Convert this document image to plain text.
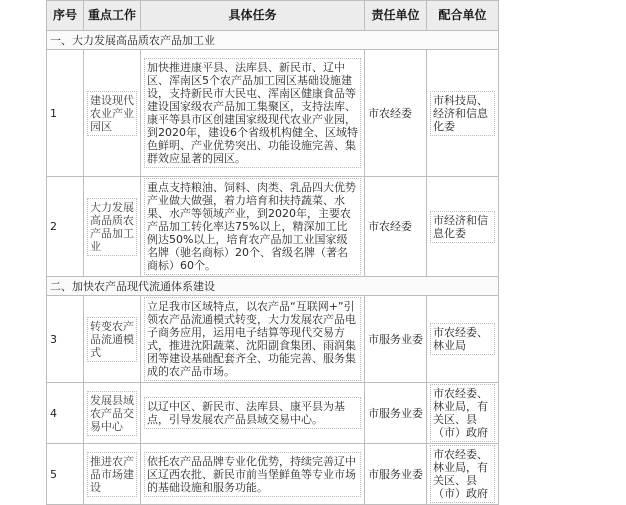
序号	重点工作	具体任务	责任单位	配合单位
一、大力发展高品质农产品加工业				
1	建设现代农业产业园区	加快推进康平县、法库县、新民市、辽中区、浑南区5个农产品加工园区基础设施建设，支持新民市大民屯、浑南区健康食品等建设国家级农产品加工集聚区，支持法库、康平等县市区创建国家级现代农业产业园，到2020年，建设6个省级机构健全、区域特色鲜明、产业优势突出、功能设施完善、集群效应显著的园区。	市农经委	市科技局、经济和信息化委

2	大力发展高品质农产品加工业	重点支持粮油、饲料、肉类、乳品四大优势产业做大做强，着力培育和扶持蔬菜、水果、水产等领域产业，到2020年，主要农产品加工转化率达75%以上，精深加工比例达50%以上，培育农产品加工业国家级名牌（驰名商标）20个、省级名牌（著名商标）60个。	市农经委	市经济和信息化委

二、加快农产品现代流通体系建设				
3	转变农产品流通模式	立足我市区域特点，以农产品“互联网+”引领农产品流通模式转变，大力发展农产品电子商务应用，运用电子结算等现代交易方式，推进沈阳蔬菜、沈阳副食集团、雨润集团等建设基础配套齐全、功能完善、服务集成的农产品市场。	市服务业委	市农经委、林业局

4	发展县域农产品交易中心	以辽中区、新民市、法库县、康平县为基点，引导发展农产品县域交易中心。	市服务业委	市农经委、林业局，有关区、县（市）政府

5	推进农产品市场建设	依托农产品品牌专业化优势，持续完善辽中区辽西农批、新民市前当堡鲜鱼等专业市场的基础设施和服务功能。	市服务业委	市农经委、林业局，有关区、县（市）政府
